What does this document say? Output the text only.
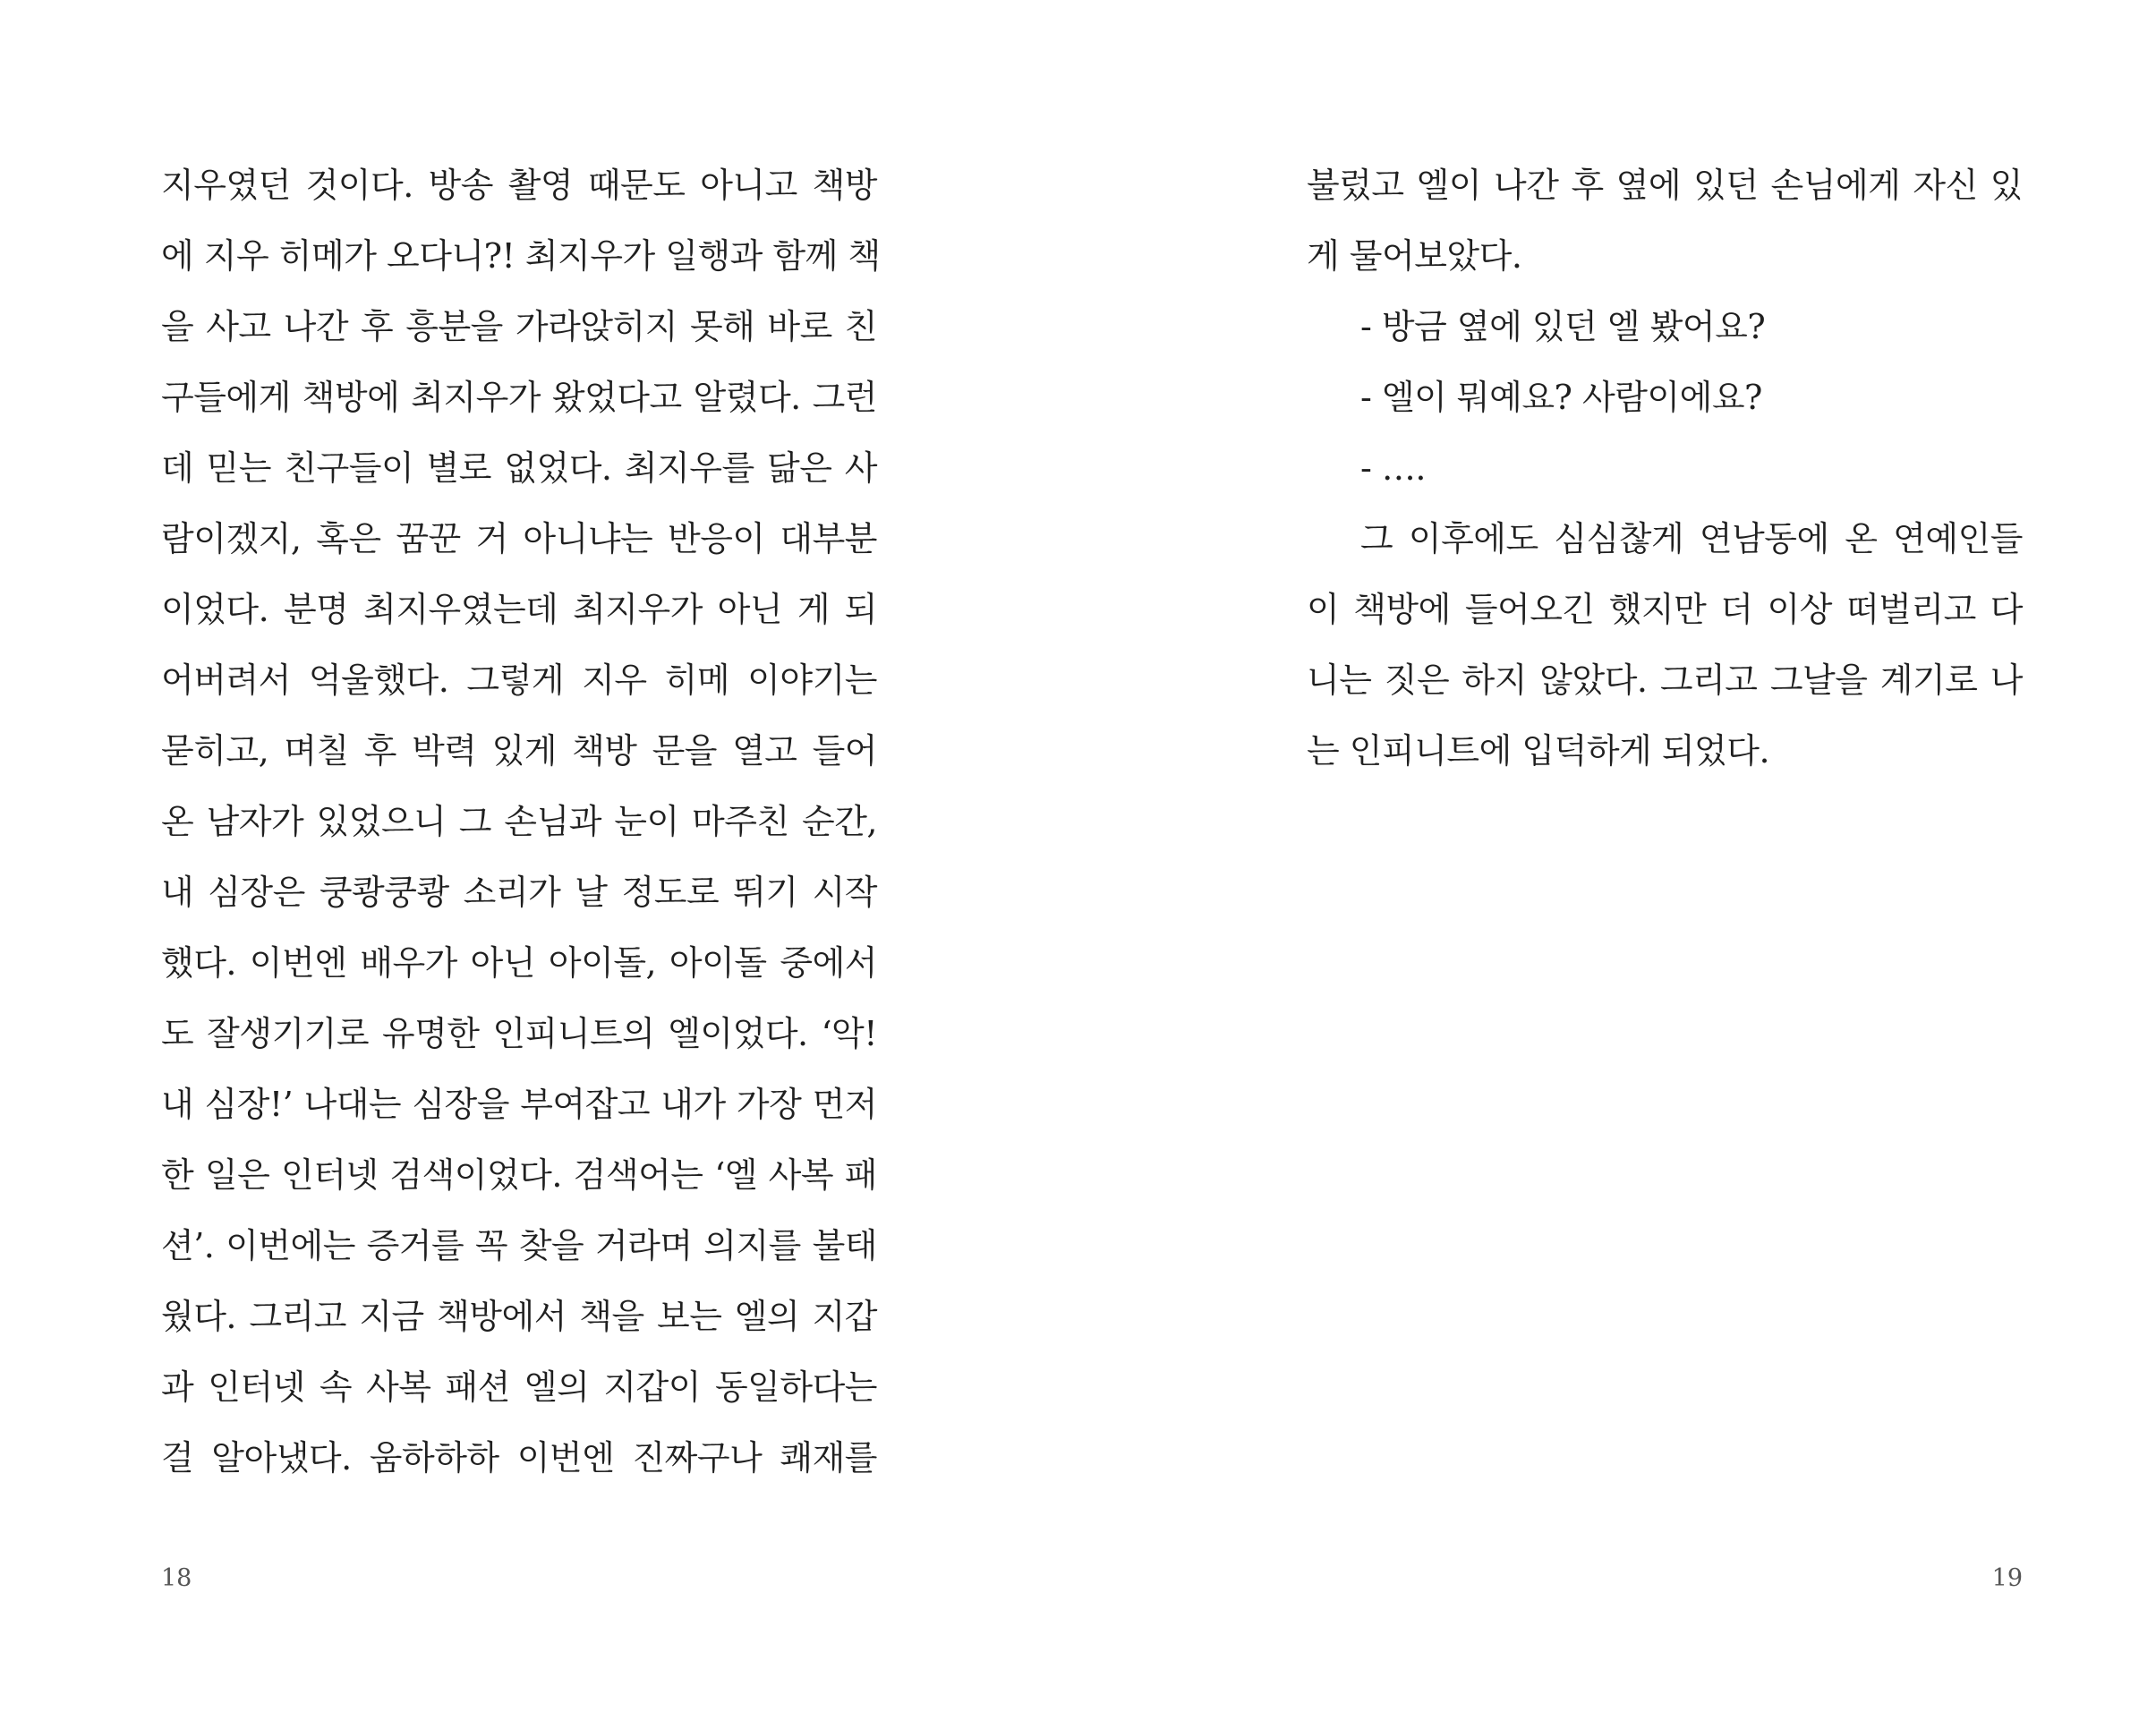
지우였던 것이다. 방송 촬영 때문도 아니고 책방
에 지우 히메가 오다니?! 최지우가 일행과 함께 책
을 사고 나간 후 흥분을 가라앉히지 못해 바로 친
구들에게 책방에 최지우가 왔었다고 알렸다. 그런
데 믿는 친구들이 별로 없었다. 최지우를 닮은 사
람이겠지, 혹은 꿈꾼 거 아니냐는 반응이 대부분
이었다. 분명 최지우였는데 최지우가 아닌 게 되
어버려서 억울했다. 그렇게 지우 히메 이야기는
묻히고, 며칠 후 박력 있게 책방 문을 열고 들어
온 남자가 있었으니 그 손님과 눈이 마주친 순간,
내 심장은 쿵쾅쿵쾅 소리가 날 정도로 뛰기 시작
했다. 이번엔 배우가 아닌 아이돌, 아이돌 중에서
도 잘생기기로 유명한 인피니트의 엘이었다. ‘악!
내 심장!’ 나대는 심장을 부여잡고 내가 가장 먼저
한 일은 인터넷 검색이었다. 검색어는 ‘엘 사복 패
션’. 이번에는 증거를 꼭 찾을 거라며 의지를 불태
웠다. 그리고 지금 책방에서 책을 보는 엘의 지갑
과 인터넷 속 사복 패션 엘의 지갑이 동일하다는
걸 알아냈다. 움하하하 이번엔 진짜구나 쾌재를
18
불렀고 엘이 나간 후 옆에 있던 손님에게 자신 있
게 물어보았다.
- 방금 옆에 있던 엘 봤어요?
- 엘이 뭐예요? 사람이에요?
- ….
그 이후에도 심심찮게 연남동에 온 연예인들
이 책방에 들어오긴 했지만 더 이상 떠벌리고 다
니는 짓은 하지 않았다. 그리고 그날을 계기로 나
는 인피니트에 입덕하게 되었다.
19
